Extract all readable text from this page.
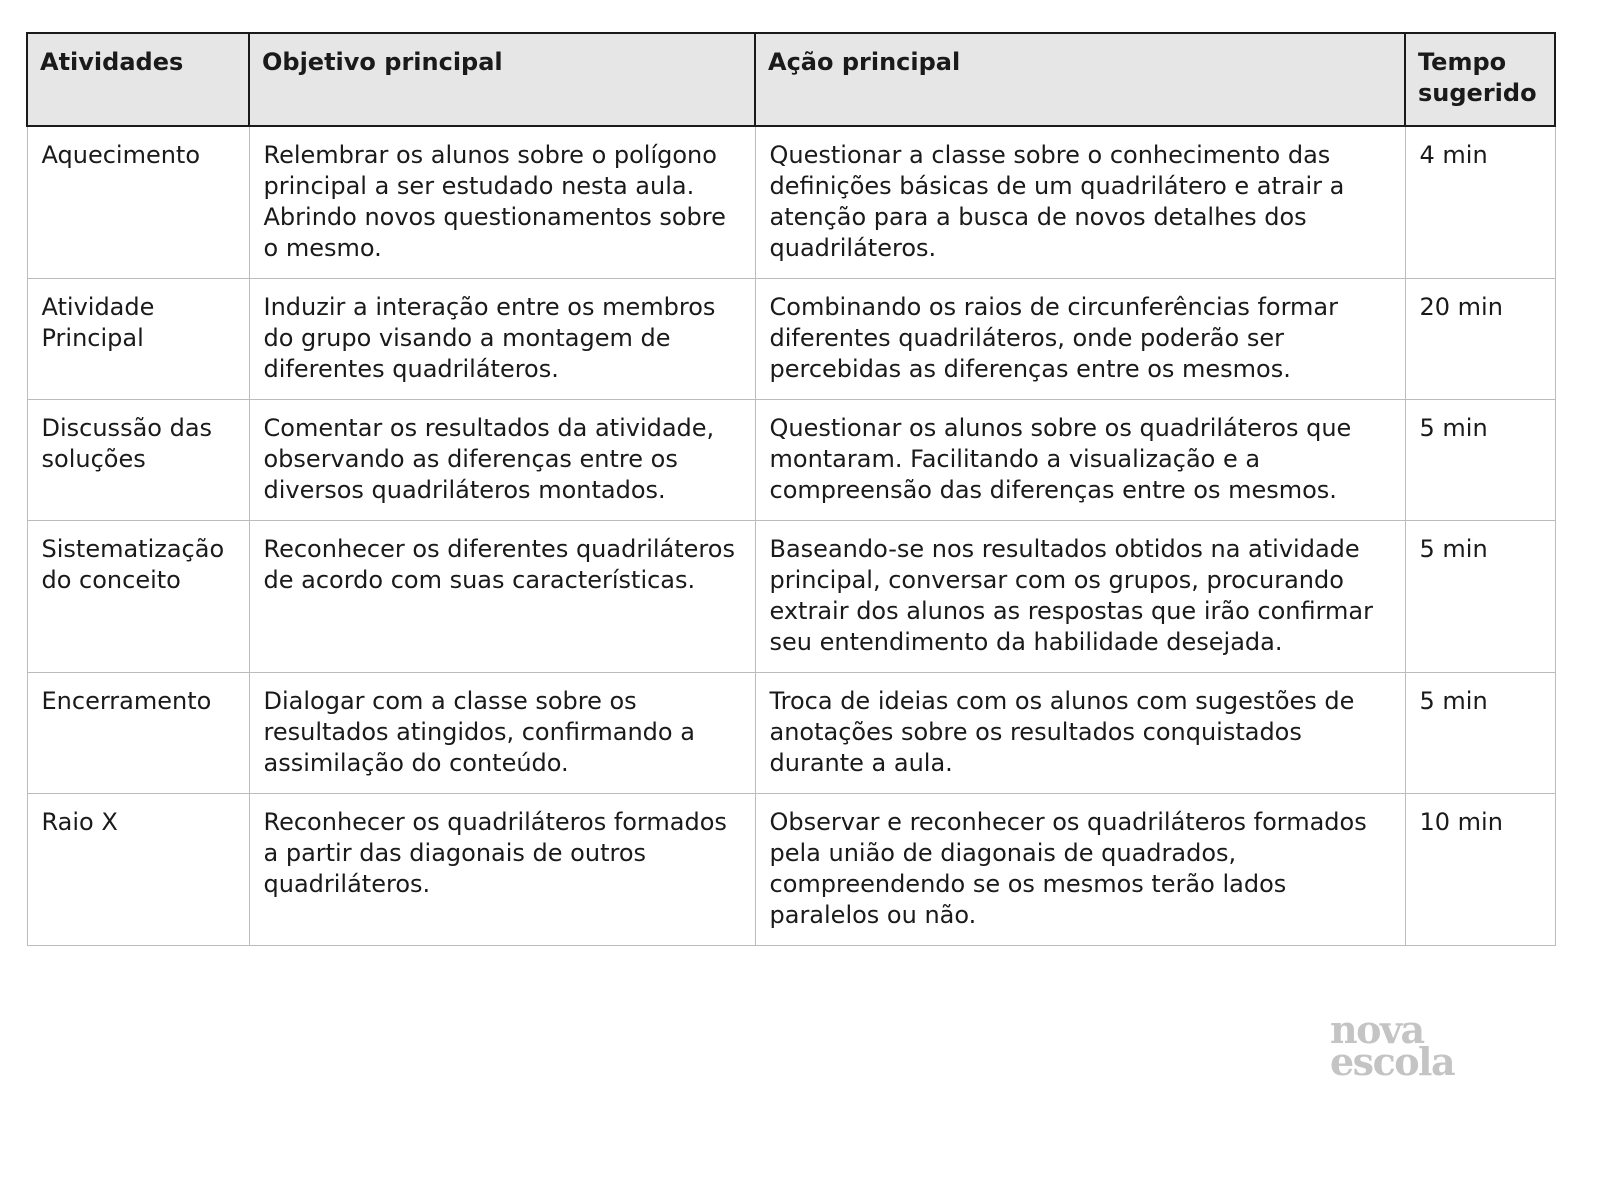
Atividades	Objetivo principal	Ação principal	Tempo sugerido
Aquecimento	Relembrar os alunos sobre o polígono principal a ser estudado nesta aula. Abrindo novos questionamentos sobre o mesmo.	Questionar a classe sobre o conhecimento das definições básicas de um quadrilátero e atrair a atenção para a busca de novos detalhes dos quadriláteros.	4 min
Atividade Principal	Induzir a interação entre os membros do grupo visando a montagem de diferentes quadriláteros.	Combinando os raios de circunferências formar diferentes quadriláteros, onde poderão ser percebidas as diferenças entre os mesmos.	20 min
Discussão das soluções	Comentar os resultados da atividade, observando as diferenças entre os diversos quadriláteros montados.	Questionar os alunos sobre os quadriláteros que montaram. Facilitando a visualização e a compreensão das diferenças entre os mesmos.	5 min
Sistematização do conceito	Reconhecer os diferentes quadriláteros de acordo com suas características.	Baseando-se nos resultados obtidos na atividade principal, conversar com os grupos, procurando extrair dos alunos as respostas que irão confirmar seu entendimento da habilidade desejada.	5 min
Encerramento	Dialogar com a classe sobre os resultados atingidos, confirmando a assimilação do conteúdo.	Troca de ideias com os alunos com sugestões de anotações sobre os resultados conquistados durante a aula.	5 min
Raio X	Reconhecer os quadriláteros formados a partir das diagonais de outros quadriláteros.	Observar e reconhecer os quadriláteros formados pela união de diagonais de quadrados, compreendendo se os mesmos terão lados paralelos ou não.	10 min
nova
escola
